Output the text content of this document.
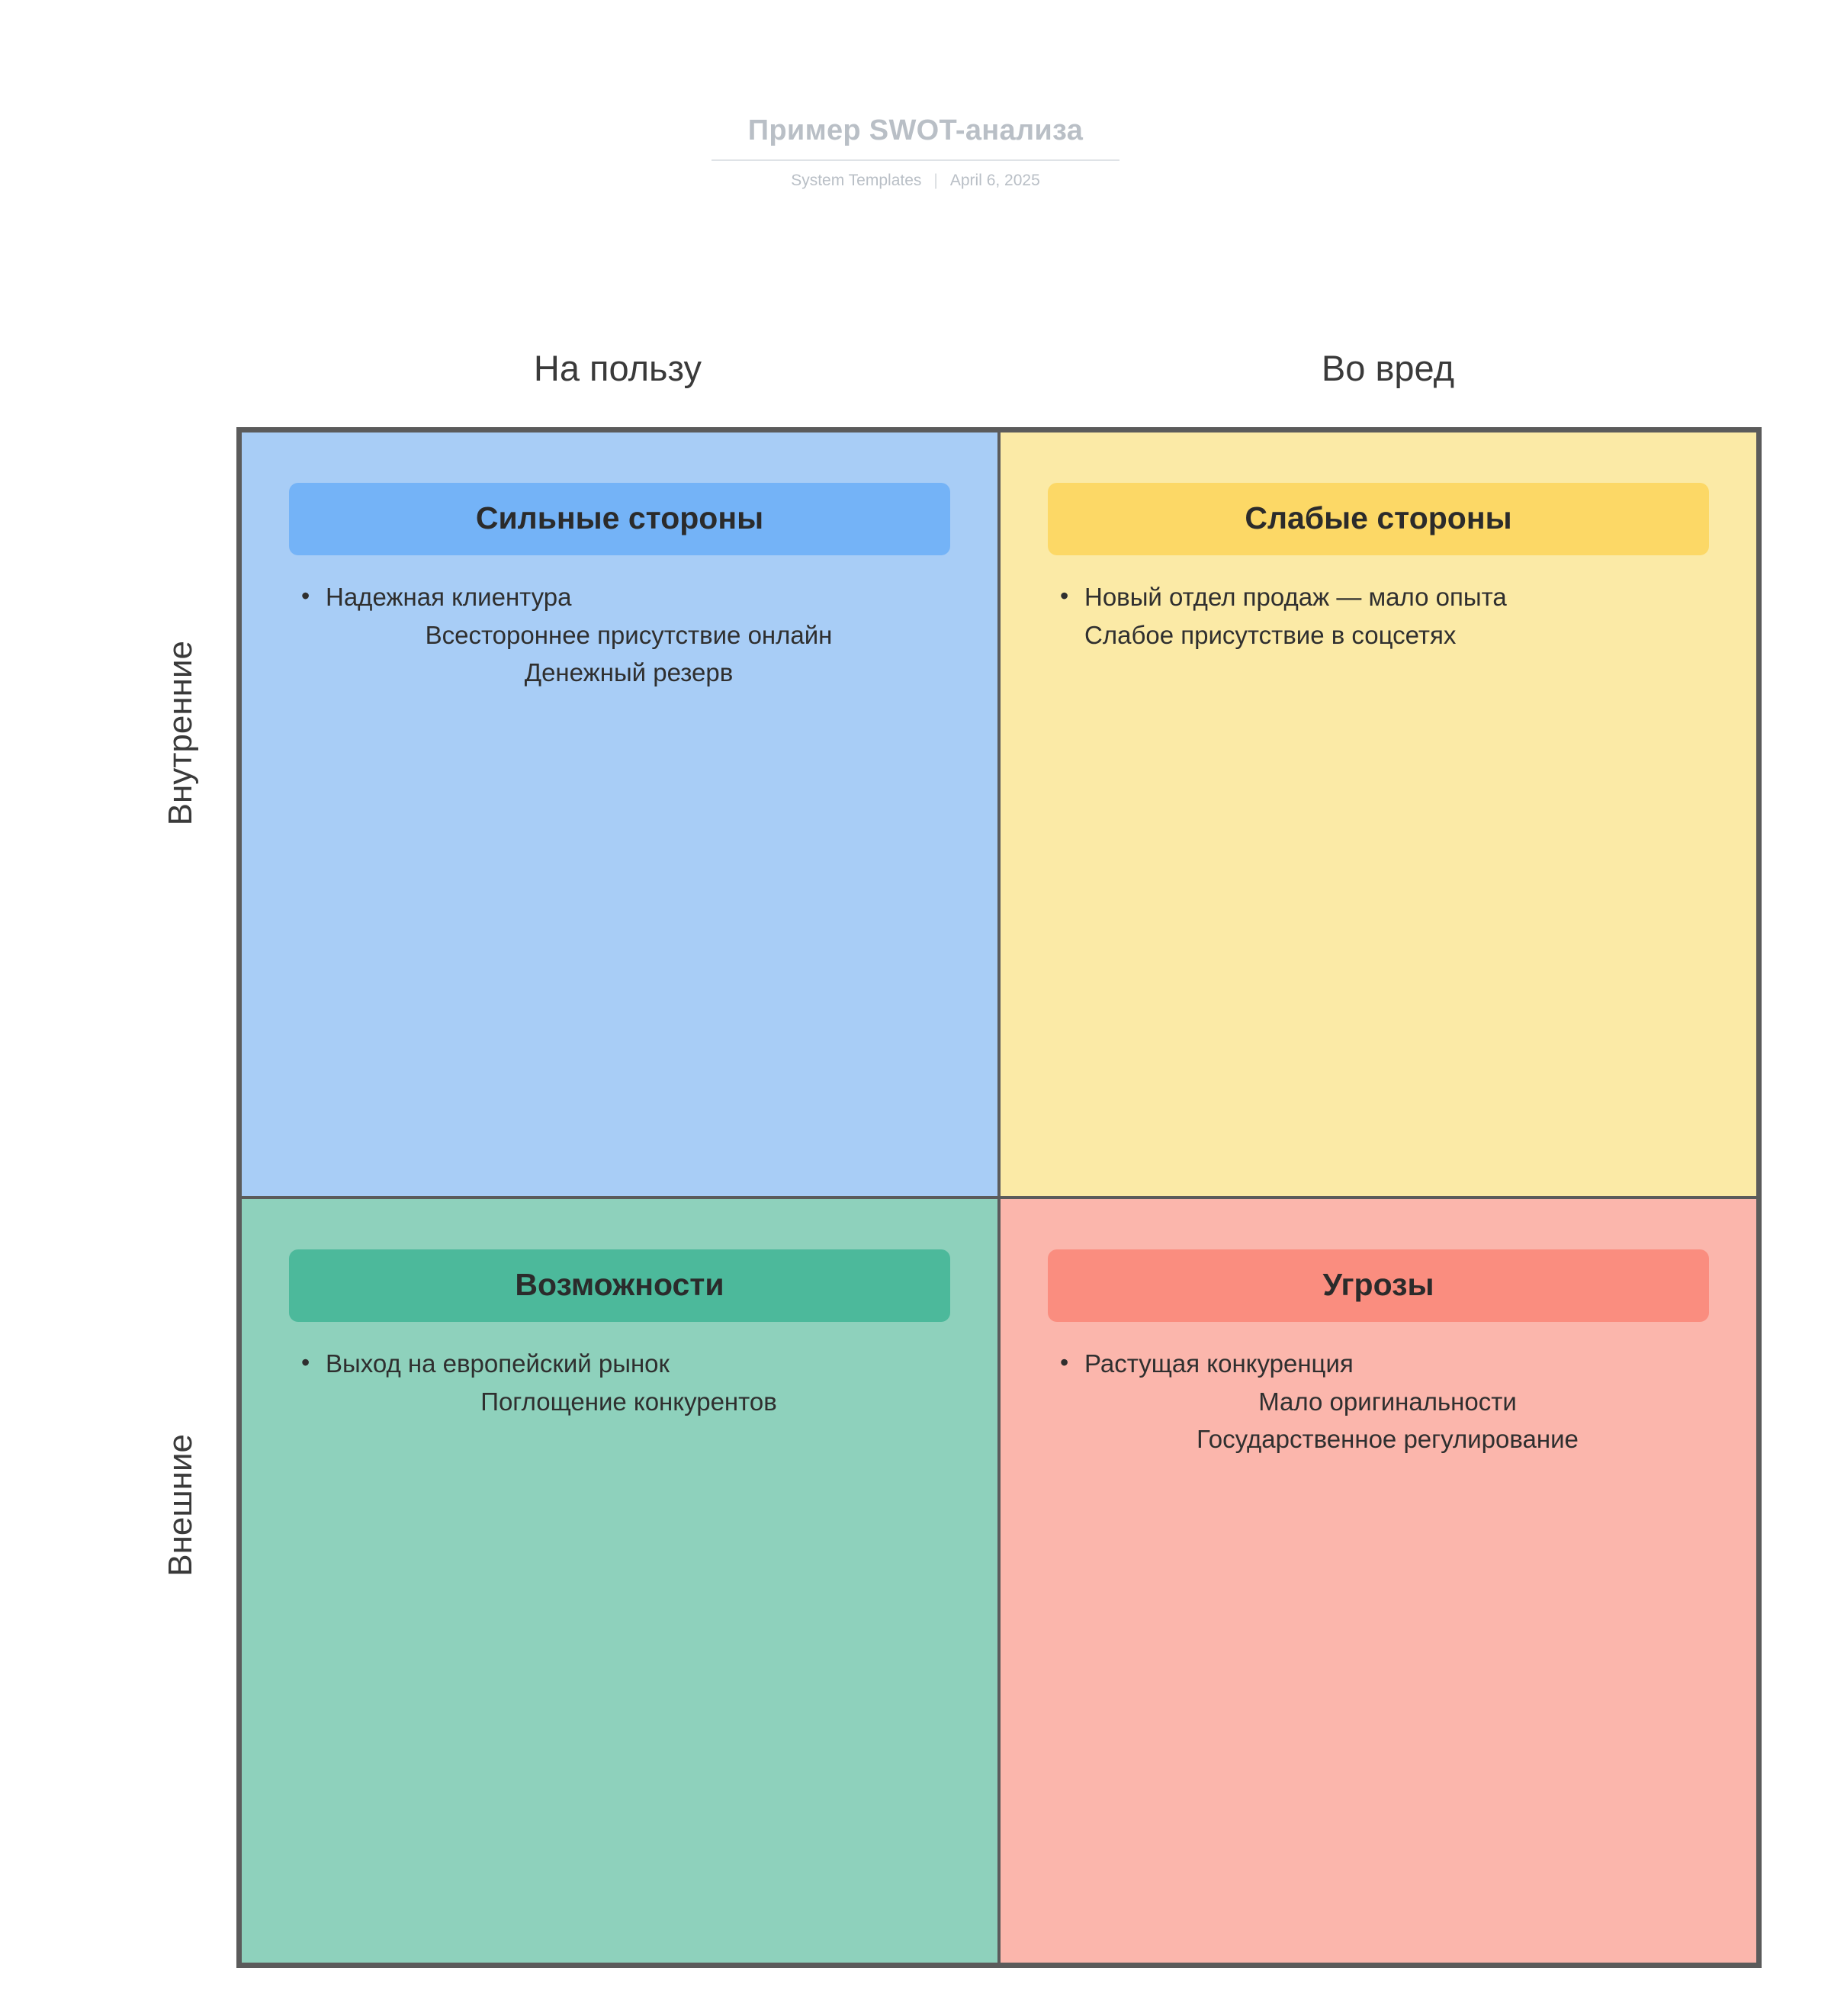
Пример SWOT-анализа
System Templates | April 6, 2025
На пользу	Во вред
Внутренние
Внешние
Сильные стороны
• Надежная клиентура
Всестороннее присутствие онлайн
Денежный резерв
Слабые стороны
• Новый отдел продаж — мало опыта
Слабое присутствие в соцсетях
Возможности
• Выход на европейский рынок
Поглощение конкурентов
Угрозы
• Растущая конкуренция
Мало оригинальности
Государственное регулирование
